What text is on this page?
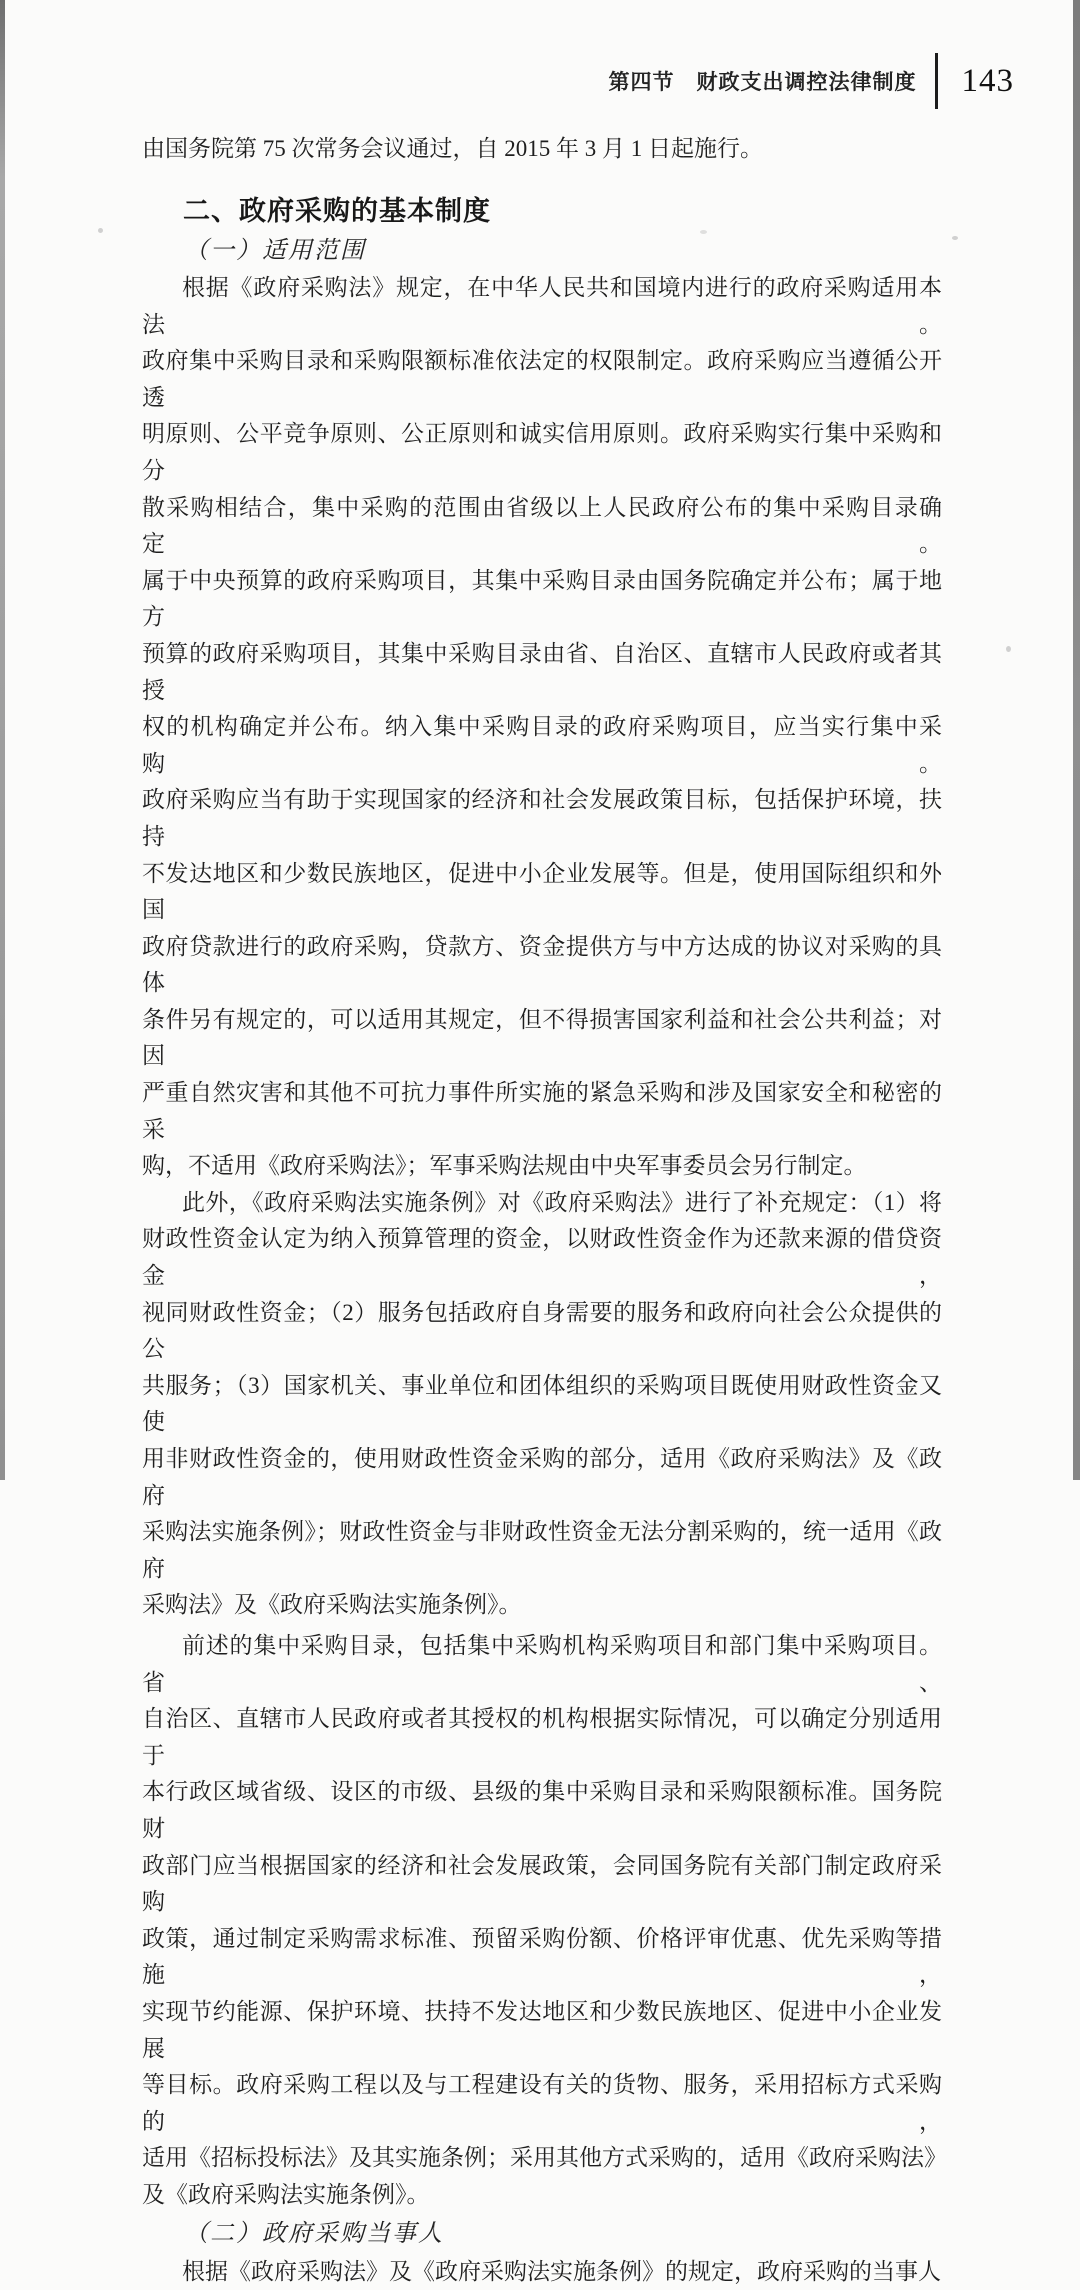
第四节　财政支出调控法律制度 143

由国务院第 75 次常务会议通过，自 2015 年 3 月 1 日起施行。

二、政府采购的基本制度
（一）适用范围
根据《政府采购法》规定，在中华人民共和国境内进行的政府采购适用本法。
政府集中采购目录和采购限额标准依法定的权限制定。政府采购应当遵循公开透
明原则、公平竞争原则、公正原则和诚实信用原则。政府采购实行集中采购和分
散采购相结合，集中采购的范围由省级以上人民政府公布的集中采购目录确定。
属于中央预算的政府采购项目，其集中采购目录由国务院确定并公布；属于地方
预算的政府采购项目，其集中采购目录由省、自治区、直辖市人民政府或者其授
权的机构确定并公布。纳入集中采购目录的政府采购项目，应当实行集中采购。
政府采购应当有助于实现国家的经济和社会发展政策目标，包括保护环境，扶持
不发达地区和少数民族地区，促进中小企业发展等。但是，使用国际组织和外国
政府贷款进行的政府采购，贷款方、资金提供方与中方达成的协议对采购的具体
条件另有规定的，可以适用其规定，但不得损害国家利益和社会公共利益；对因
严重自然灾害和其他不可抗力事件所实施的紧急采购和涉及国家安全和秘密的采
购，不适用《政府采购法》；军事采购法规由中央军事委员会另行制定。
此外，《政府采购法实施条例》对《政府采购法》进行了补充规定：（1）将
财政性资金认定为纳入预算管理的资金，以财政性资金作为还款来源的借贷资金，
视同财政性资金；（2）服务包括政府自身需要的服务和政府向社会公众提供的公
共服务；（3）国家机关、事业单位和团体组织的采购项目既使用财政性资金又使
用非财政性资金的，使用财政性资金采购的部分，适用《政府采购法》及《政府
采购法实施条例》；财政性资金与非财政性资金无法分割采购的，统一适用《政府
采购法》及《政府采购法实施条例》。
前述的集中采购目录，包括集中采购机构采购项目和部门集中采购项目。省、
自治区、直辖市人民政府或者其授权的机构根据实际情况，可以确定分别适用于
本行政区域省级、设区的市级、县级的集中采购目录和采购限额标准。国务院财
政部门应当根据国家的经济和社会发展政策，会同国务院有关部门制定政府采购
政策，通过制定采购需求标准、预留采购份额、价格评审优惠、优先采购等措施，
实现节约能源、保护环境、扶持不发达地区和少数民族地区、促进中小企业发展
等目标。政府采购工程以及与工程建设有关的货物、服务，采用招标方式采购的，
适用《招标投标法》及其实施条例；采用其他方式采购的，适用《政府采购法》
及《政府采购法实施条例》。
（二）政府采购当事人

根据《政府采购法》及《政府采购法实施条例》的规定，政府采购的当事人
